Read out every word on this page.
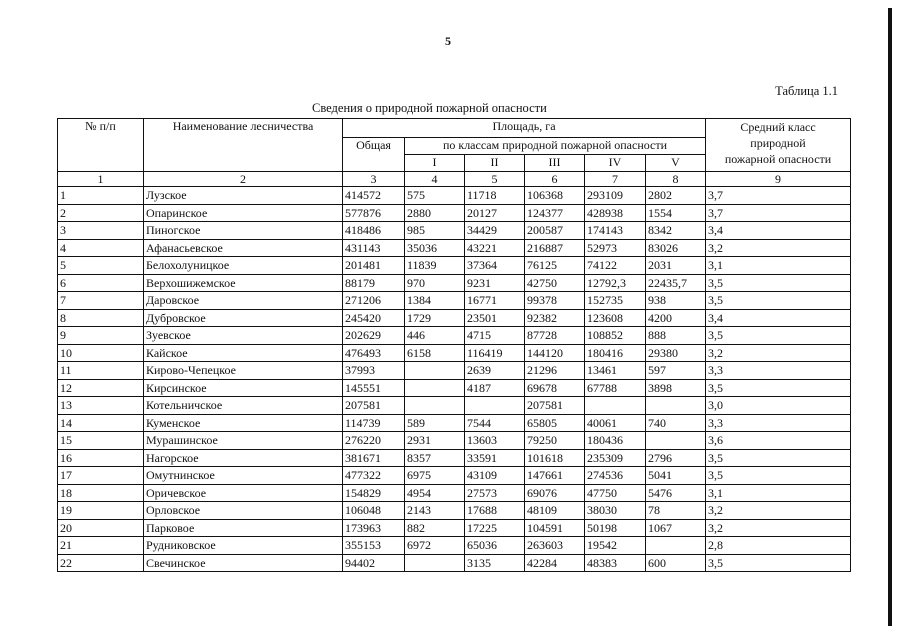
5
Таблица 1.1
Сведения о природной пожарной опасности
№ п/п	Наименование лесничества	Площадь, га						Средний класс
природной
пожарной опасности

		Общая	по классам природной пожарной опасности					
			I	II	III	IV	V	
1	2	3	4	5	6	7	8	9
1	Лузское	414572	575	11718	106368	293109	2802	3,7
2	Опаринское	577876	2880	20127	124377	428938	1554	3,7
3	Пиногское	418486	985	34429	200587	174143	8342	3,4
4	Афанасьевское	431143	35036	43221	216887	52973	83026	3,2
5	Белохолуницкое	201481	11839	37364	76125	74122	2031	3,1
6	Верхошижемское	88179	970	9231	42750	12792,3	22435,7	3,5
7	Даровское	271206	1384	16771	99378	152735	938	3,5
8	Дубровское	245420	1729	23501	92382	123608	4200	3,4
9	Зуевское	202629	446	4715	87728	108852	888	3,5
10	Кайское	476493	6158	116419	144120	180416	29380	3,2
11	Кирово-Чепецкое	37993		2639	21296	13461	597	3,3
12	Кирсинское	145551		4187	69678	67788	3898	3,5
13	Котельничское	207581			207581			3,0
14	Куменское	114739	589	7544	65805	40061	740	3,3
15	Мурашинское	276220	2931	13603	79250	180436		3,6
16	Нагорское	381671	8357	33591	101618	235309	2796	3,5
17	Омутнинское	477322	6975	43109	147661	274536	5041	3,5
18	Оричевское	154829	4954	27573	69076	47750	5476	3,1
19	Орловское	106048	2143	17688	48109	38030	78	3,2
20	Парковое	173963	882	17225	104591	50198	1067	3,2
21	Рудниковское	355153	6972	65036	263603	19542		2,8
22	Свечинское	94402		3135	42284	48383	600	3,5
